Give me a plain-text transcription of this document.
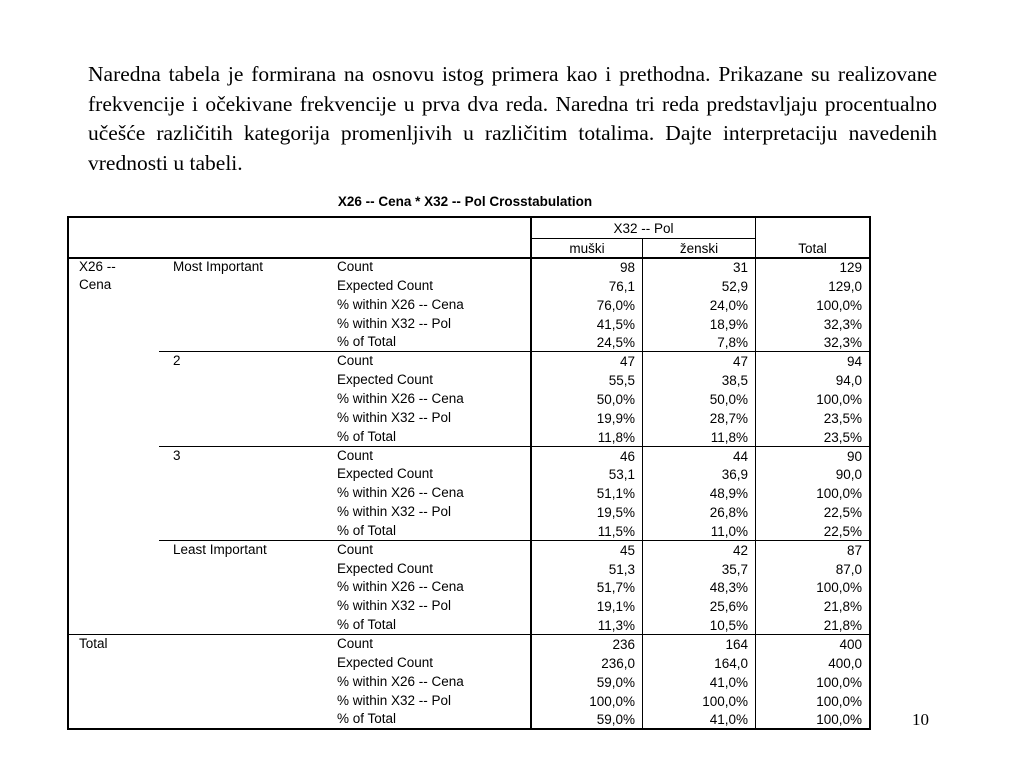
Naredna tabela je formirana na osnovu istog primera kao i prethodna. Prikazane su realizovane frekvencije i očekivane frekvencije u prva dva reda. Naredna tri reda predstavljaju procentualno učešće različitih kategorija promenljivih u različitim totalima. Dajte interpretaciju navedenih vrednosti u tabeli.

X26 -- Cena * X32 -- Pol Crosstabulation
X32 -- Pol
muški	ženski	Total
X26 -- Cena
Most Important	Count	98	31	129
Expected Count	76,1	52,9	129,0
% within X26 -- Cena	76,0%	24,0%	100,0%
% within X32 -- Pol	41,5%	18,9%	32,3%
% of Total	24,5%	7,8%	32,3%
2	Count	47	47	94
Expected Count	55,5	38,5	94,0
% within X26 -- Cena	50,0%	50,0%	100,0%
% within X32 -- Pol	19,9%	28,7%	23,5%
% of Total	11,8%	11,8%	23,5%
3	Count	46	44	90
Expected Count	53,1	36,9	90,0
% within X26 -- Cena	51,1%	48,9%	100,0%
% within X32 -- Pol	19,5%	26,8%	22,5%
% of Total	11,5%	11,0%	22,5%
Least Important	Count	45	42	87
Expected Count	51,3	35,7	87,0
% within X26 -- Cena	51,7%	48,3%	100,0%
% within X32 -- Pol	19,1%	25,6%	21,8%
% of Total	11,3%	10,5%	21,8%
Total	Count	236	164	400
Expected Count	236,0	164,0	400,0
% within X26 -- Cena	59,0%	41,0%	100,0%
% within X32 -- Pol	100,0%	100,0%	100,0%
% of Total	59,0%	41,0%	100,0%	10
